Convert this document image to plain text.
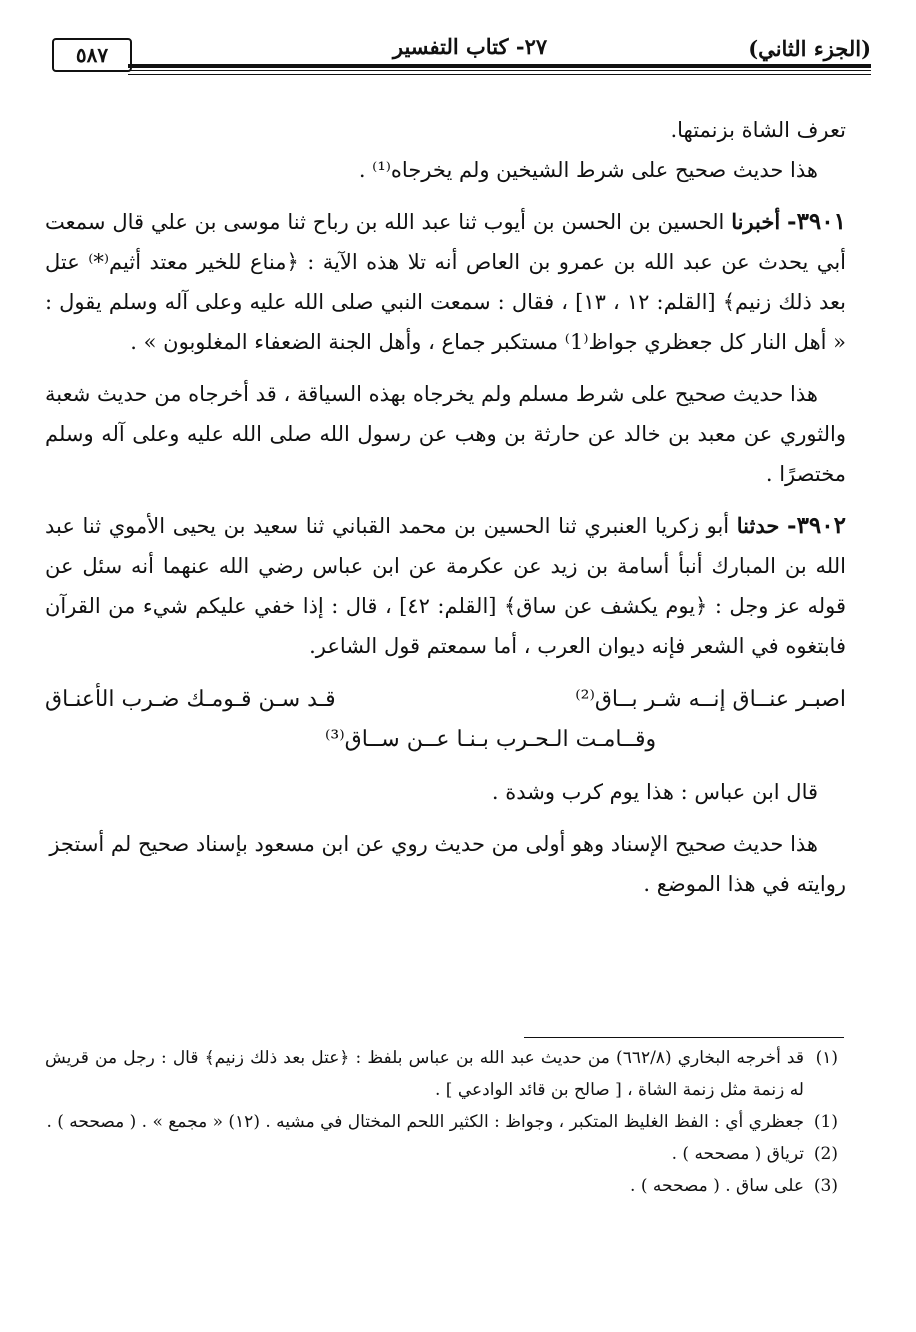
(الجزء الثاني)
٢٧- كتاب التفسير
٥٨٧

تعرف الشاة بزنمتها.

هذا حديث صحيح على شرط الشيخين ولم يخرجاه⁽¹⁾ .

٣٩٠١- أخبرنا الحسين بن الحسن بن أيوب ثنا عبد الله بن رباح ثنا موسى بن علي قال سمعت أبي يحدث عن عبد الله بن عمرو بن العاص أنه تلا هذه الآية : ﴿مناع للخير معتد أثيم⁽*⁾ عتل بعد ذلك زنيم﴾ [القلم: ١٢ ، ١٣] ، فقال : سمعت النبي صلى الله عليه وعلى آله وسلم يقول : « أهل النار كل جعظري جواظ⁽1⁾ مستكبر جماع ، وأهل الجنة الضعفاء المغلوبون » .

هذا حديث صحيح على شرط مسلم ولم يخرجاه بهذه السياقة ، قد أخرجاه من حديث شعبة والثوري عن معبد بن خالد عن حارثة بن وهب عن رسول الله صلى الله عليه وعلى آله وسلم مختصرًا .

٣٩٠٢- حدثنا أبو زكريا العنبري ثنا الحسين بن محمد القباني ثنا سعيد بن يحيى الأموي ثنا عبد الله بن المبارك أنبأ أسامة بن زيد عن عكرمة عن ابن عباس رضي الله عنهما أنه سئل عن قوله عز وجل : ﴿يوم يكشف عن ساق﴾ [القلم: ٤٢] ، قال : إذا خفي عليكم شيء من القرآن فابتغوه في الشعر فإنه ديوان العرب ، أما سمعتم قول الشاعر.

اصبـر عنــاق إنــه شـر بــاق⁽²⁾
قـد سـن قـومـك ضـرب الأعنـاق
وقــامـت الـحـرب بـنـا عــن ســاق⁽³⁾

قال ابن عباس : هذا يوم كرب وشدة .

هذا حديث صحيح الإسناد وهو أولى من حديث روي عن ابن مسعود بإسناد صحيح لم أستجز روايته في هذا الموضع .

(١)
قد أخرجه البخاري (٦٦٢/٨) من حديث عبد الله بن عباس بلفظ : ﴿عتل بعد ذلك زنيم﴾ قال : رجل من قريش له زنمة مثل زنمة الشاة ، [ صالح بن قائد الوادعي ] .
(1)
جعظري أي : الفظ الغليظ المتكبر ، وجواظ : الكثير اللحم المختال في مشيه . (١٢) « مجمع » . ( مصححه ) .
(2)
ترياق ( مصححه ) .
(3)
على ساق . ( مصححه ) .
